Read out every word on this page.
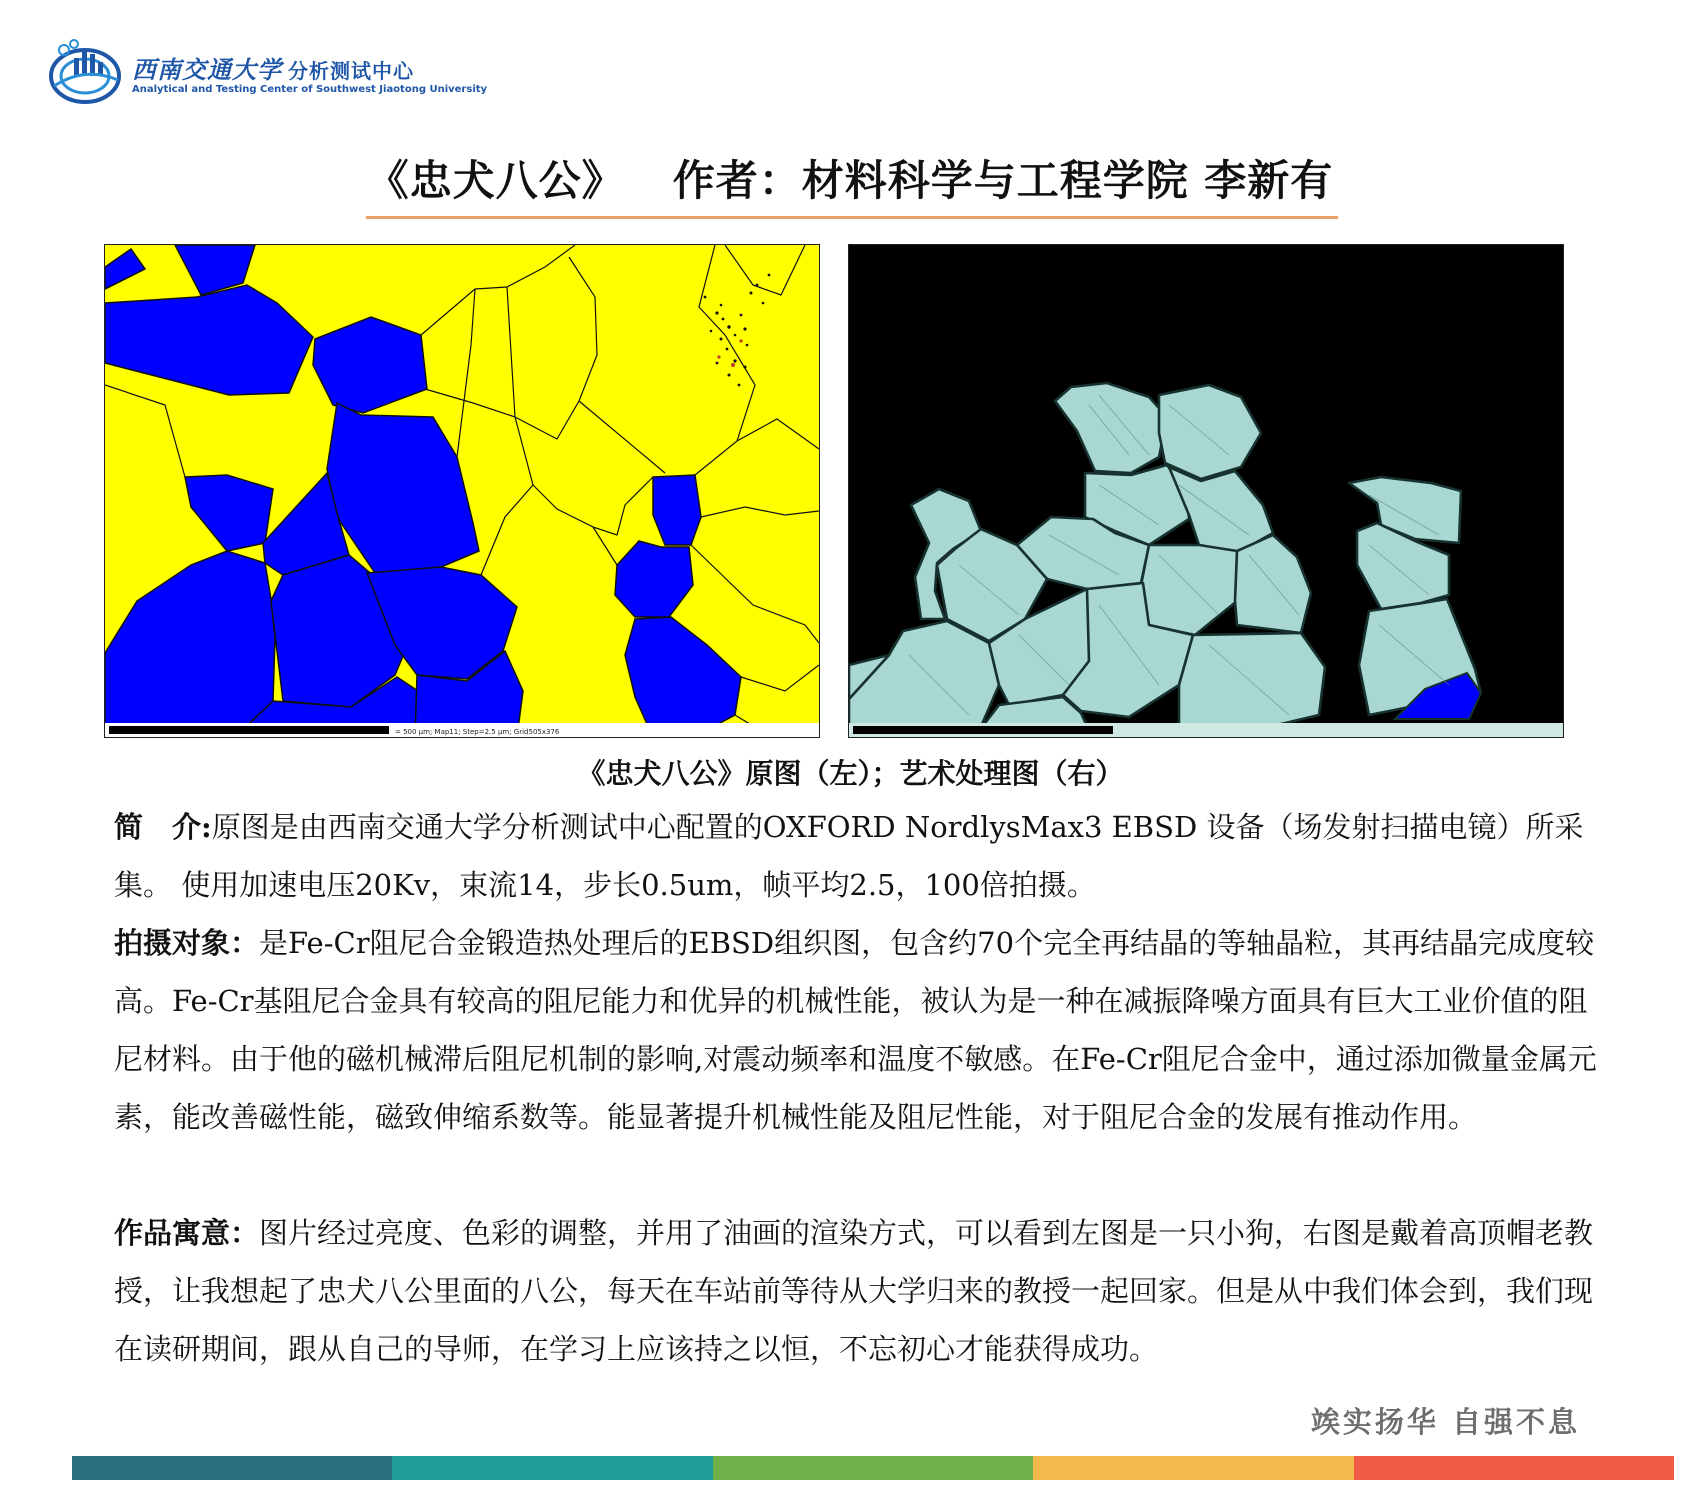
西南交通大学 分析测试中心
Analytical and Testing Center of Southwest Jiaotong University
《忠犬八公》 作者：材料科学与工程学院 李新有
= 500 µm; Map11; Step=2.5 µm; Grid505x376
《忠犬八公》原图（左）；艺术处理图（右）

简　介:原图是由西南交通大学分析测试中心配置的OXFORD NordlysMax3 EBSD 设备（场发射扫描电镜）所采集。 使用加速电压20Kv，束流14，步长0.5um，帧平均2.5，100倍拍摄。

拍摄对象：是Fe-Cr阻尼合金锻造热处理后的EBSD组织图，包含约70个完全再结晶的等轴晶粒，其再结晶完成度较高。Fe-Cr基阻尼合金具有较高的阻尼能力和优异的机械性能，被认为是一种在减振降噪方面具有巨大工业价值的阻尼材料。由于他的磁机械滞后阻尼机制的影响,对震动频率和温度不敏感。在Fe-Cr阻尼合金中，通过添加微量金属元素，能改善磁性能，磁致伸缩系数等。能显著提升机械性能及阻尼性能，对于阻尼合金的发展有推动作用。

作品寓意：图片经过亮度、色彩的调整，并用了油画的渲染方式，可以看到左图是一只小狗，右图是戴着高顶帽老教授，让我想起了忠犬八公里面的八公，每天在车站前等待从大学归来的教授一起回家。但是从中我们体会到，我们现在读研期间，跟从自己的导师，在学习上应该持之以恒，不忘初心才能获得成功。

竢实扬华 自强不息
